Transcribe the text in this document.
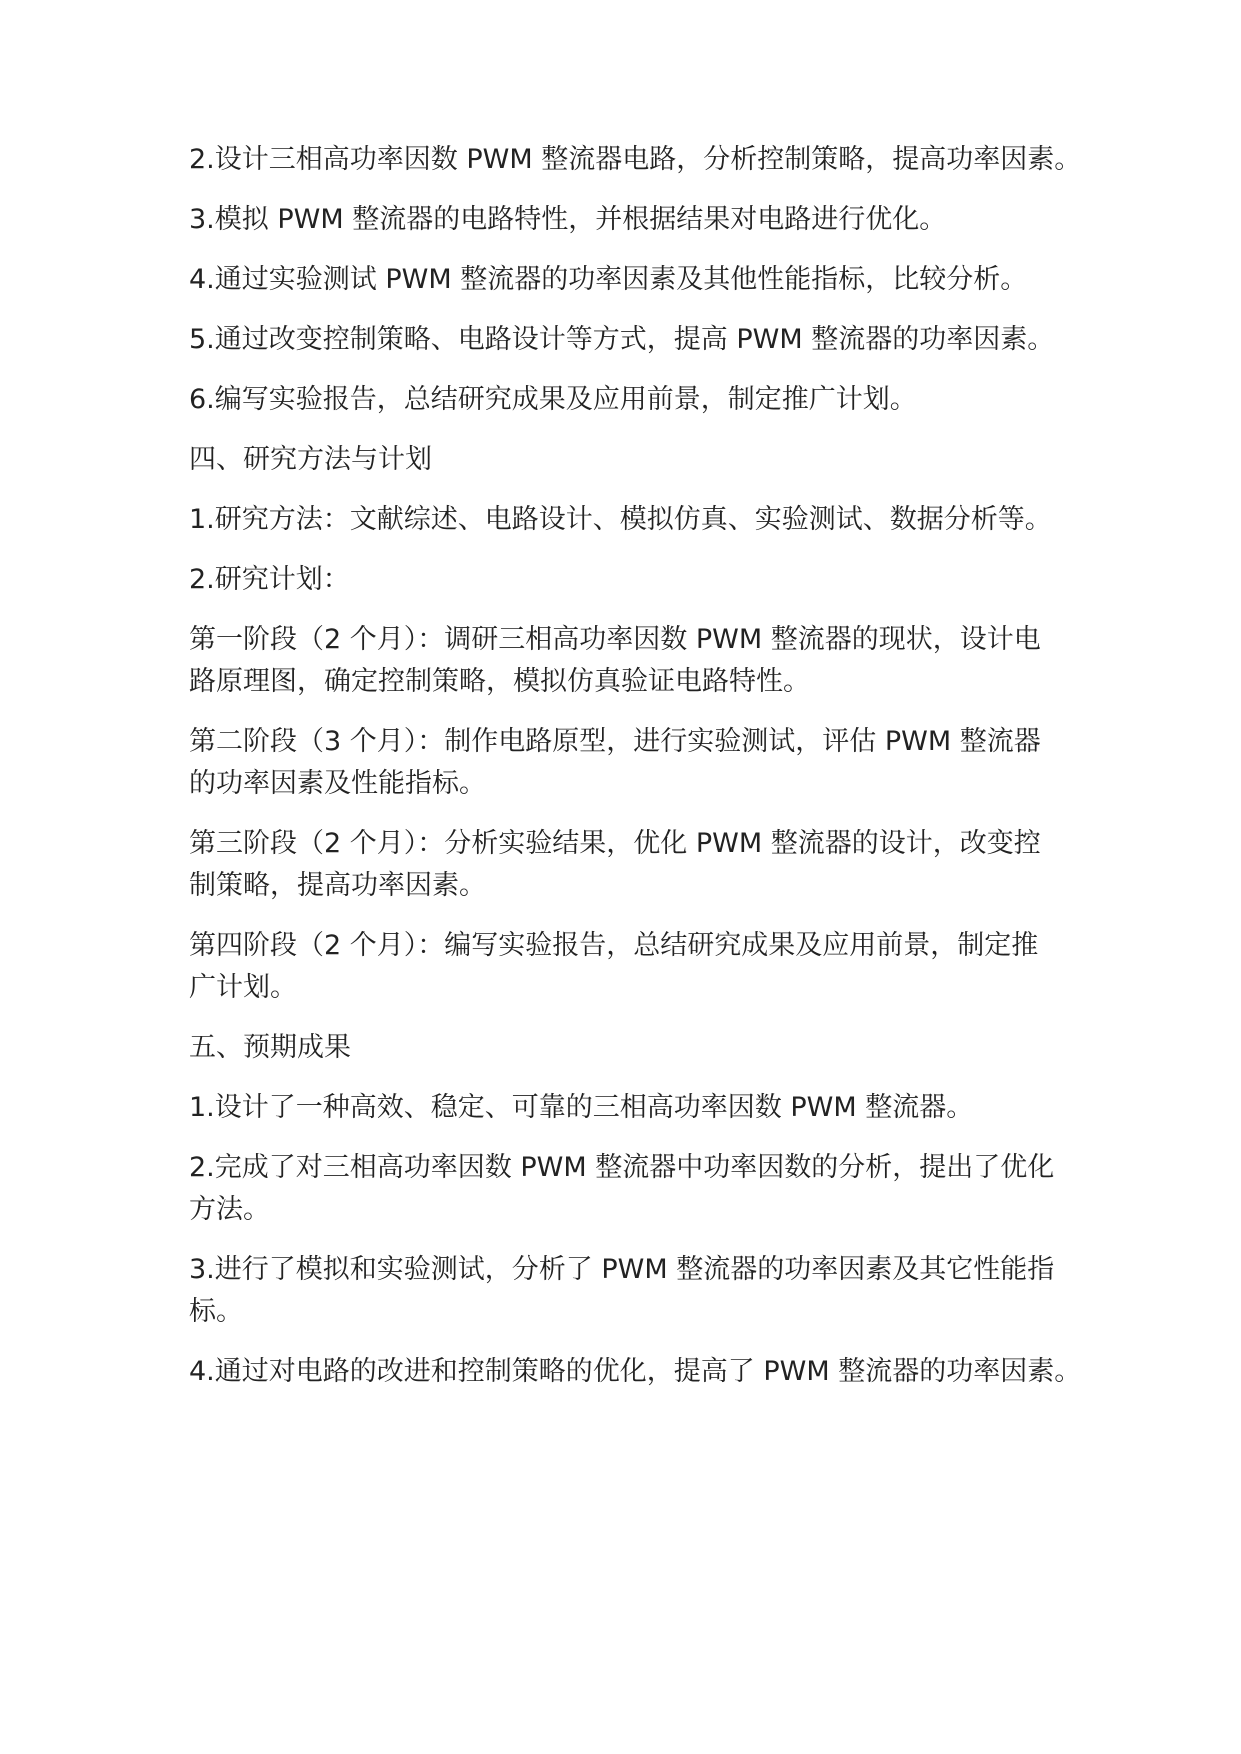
2.设计三相高功率因数 PWM 整流器电路，分析控制策略，提高功率因素。
3.模拟 PWM 整流器的电路特性，并根据结果对电路进行优化。
4.通过实验测试 PWM 整流器的功率因素及其他性能指标，比较分析。
5.通过改变控制策略、电路设计等方式，提高 PWM 整流器的功率因素。
6.编写实验报告，总结研究成果及应用前景，制定推广计划。
四、研究方法与计划
1.研究方法：文献综述、电路设计、模拟仿真、实验测试、数据分析等。
2.研究计划：
第一阶段（2 个月）：调研三相高功率因数 PWM 整流器的现状，设计电
路原理图，确定控制策略，模拟仿真验证电路特性。
第二阶段（3 个月）：制作电路原型，进行实验测试，评估 PWM 整流器
的功率因素及性能指标。
第三阶段（2 个月）：分析实验结果，优化 PWM 整流器的设计，改变控
制策略，提高功率因素。
第四阶段（2 个月）：编写实验报告，总结研究成果及应用前景，制定推
广计划。
五、预期成果
1.设计了一种高效、稳定、可靠的三相高功率因数 PWM 整流器。
2.完成了对三相高功率因数 PWM 整流器中功率因数的分析，提出了优化
方法。
3.进行了模拟和实验测试，分析了 PWM 整流器的功率因素及其它性能指
标。
4.通过对电路的改进和控制策略的优化，提高了 PWM 整流器的功率因素。
